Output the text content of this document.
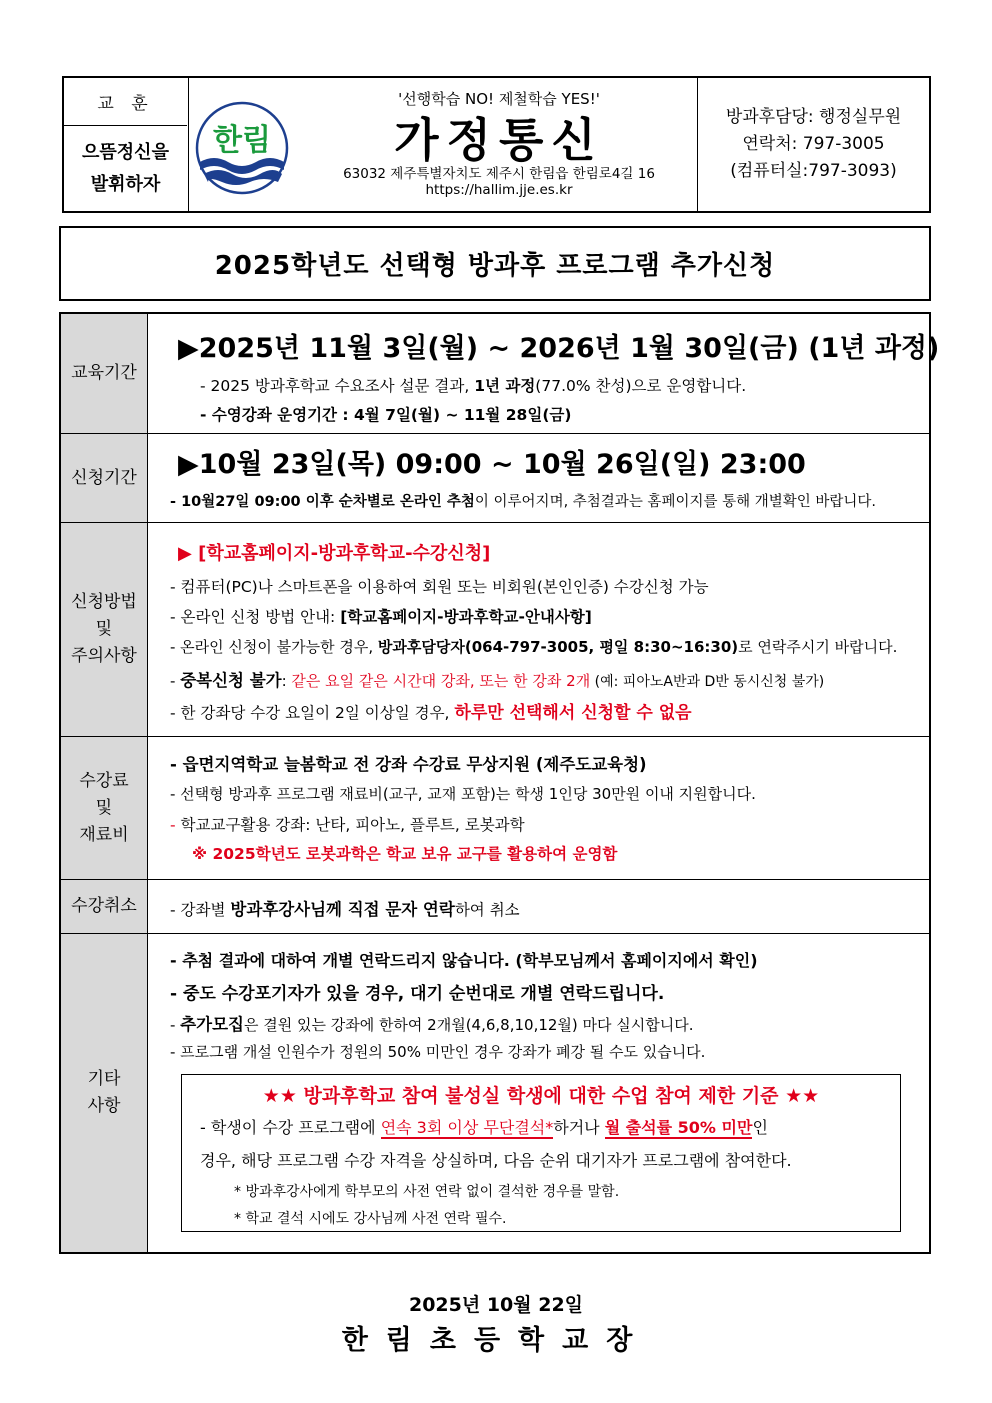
교 훈
으뜸정신을
발휘하자
한림
'선행학습 NO! 제철학습 YES!'
가정통신
63032 제주특별자치도 제주시 한림읍 한림로4길 16
https://hallim.jje.es.kr
방과후담당: 행정실무원
연락처: 797-3005
(컴퓨터실:797-3093)
2025학년도 선택형 방과후 프로그램 추가신청
교육기간
▶2025년 11월 3일(월) ~ 2026년 1월 30일(금) (1년 과정)
- 2025 방과후학교 수요조사 설문 결과, 1년 과정(77.0% 찬성)으로 운영합니다.
- 수영강좌 운영기간 : 4월 7일(월) ~ 11월 28일(금)
신청기간 ▶10월 23일(목) 09:00 ~ 10월 26일(일) 23:00
- 10월27일 09:00 이후 순차별로 온라인 추첨이 이루어지며, 추첨결과는 홈페이지를 통해 개별확인 바랍니다.
신청방법
및
주의사항
▶ [학교홈페이지-방과후학교-수강신청]
- 컴퓨터(PC)나 스마트폰을 이용하여 회원 또는 비회원(본인인증) 수강신청 가능
- 온라인 신청 방법 안내: [학교홈페이지-방과후학교-안내사항]
- 온라인 신청이 불가능한 경우, 방과후담당자(064-797-3005, 평일 8:30~16:30)로 연락주시기 바랍니다.
- 중복신청 불가: 같은 요일 같은 시간대 강좌, 또는 한 강좌 2개 (예: 피아노A반과 D반 동시신청 불가)
- 한 강좌당 수강 요일이 2일 이상일 경우, 하루만 선택해서 신청할 수 없음
수강료
및
재료비
- 읍면지역학교 늘봄학교 전 강좌 수강료 무상지원 (제주도교육청)
- 선택형 방과후 프로그램 재료비(교구, 교재 포함)는 학생 1인당 30만원 이내 지원합니다.
- 학교교구활용 강좌: 난타, 피아노, 플루트, 로봇과학
※ 2025학년도 로봇과학은 학교 보유 교구를 활용하여 운영함
수강취소 - 강좌별 방과후강사님께 직접 문자 연락하여 취소
기타
사항
- 추첨 결과에 대하여 개별 연락드리지 않습니다. (학부모님께서 홈페이지에서 확인)
- 중도 수강포기자가 있을 경우, 대기 순번대로 개별 연락드립니다.
- 추가모집은 결원 있는 강좌에 한하여 2개월(4,6,8,10,12월) 마다 실시합니다.
- 프로그램 개설 인원수가 정원의 50% 미만인 경우 강좌가 폐강 될 수도 있습니다.
★★ 방과후학교 참여 불성실 학생에 대한 수업 참여 제한 기준 ★★
- 학생이 수강 프로그램에 연속 3회 이상 무단결석*하거나 월 출석률 50% 미만인
경우, 해당 프로그램 수강 자격을 상실하며, 다음 순위 대기자가 프로그램에 참여한다.
* 방과후강사에게 학부모의 사전 연락 없이 결석한 경우를 말함.
* 학교 결석 시에도 강사님께 사전 연락 필수.
2025년 10월 22일
한림초등학교장
